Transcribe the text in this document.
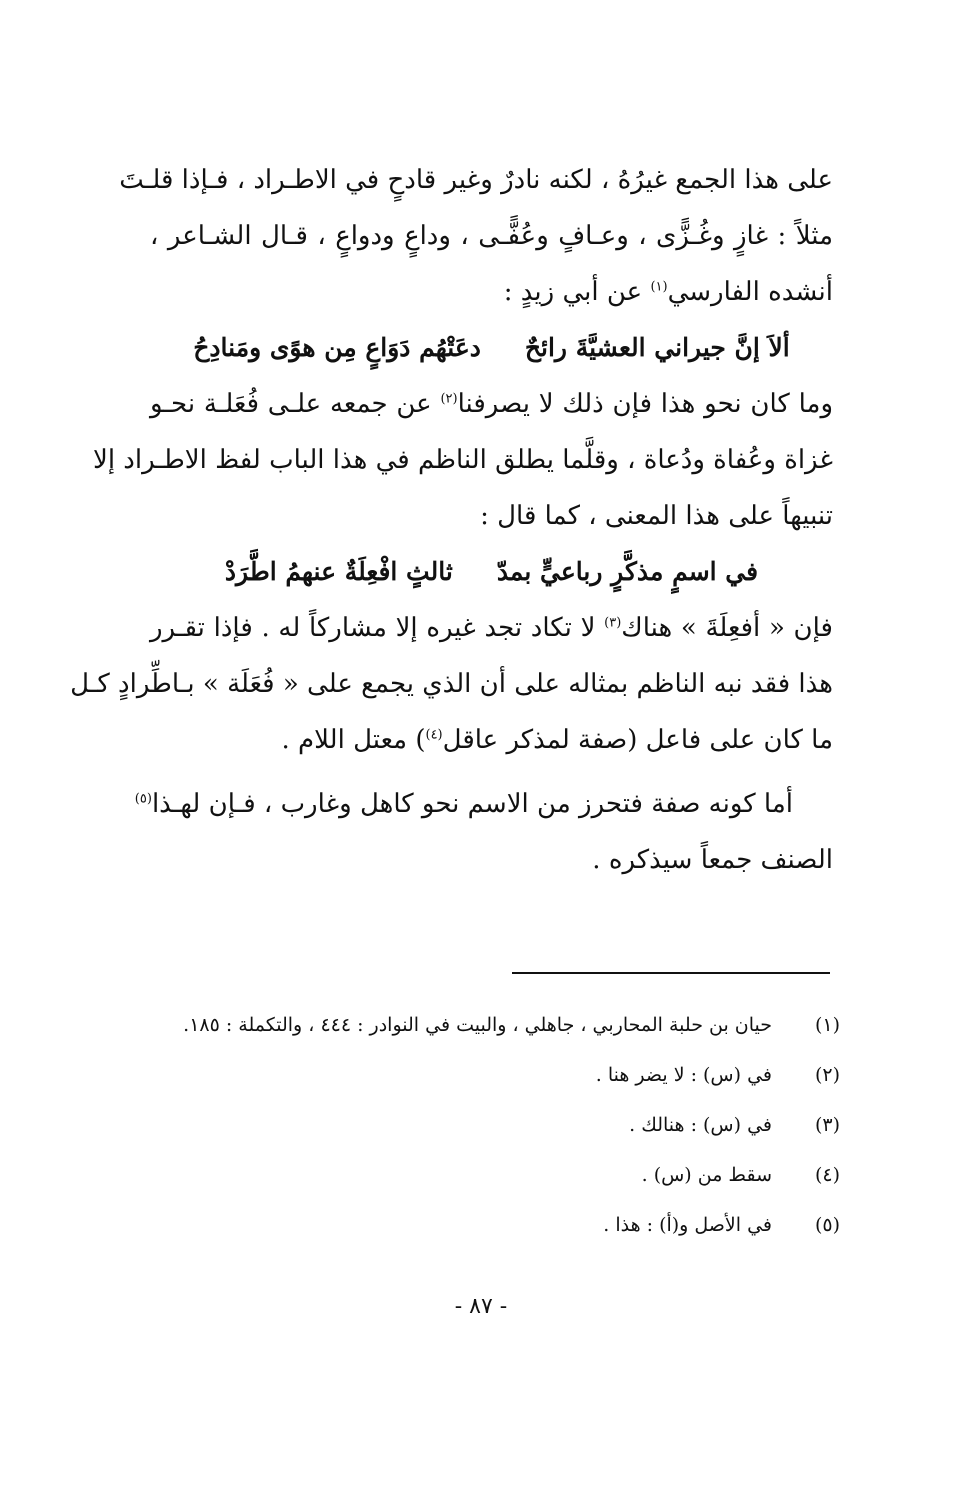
على هذا الجمع غيرُهُ ، لكنه نادرٌ وغير قادحٍ في الاطـراد ، فـإذا قلـتَ
مثلاً : غازٍ وغُـزًّى ، وعـافٍ وعُفًّـى ، وداعٍ ودواعٍ ، قـال الشـاعر ،
أنشده الفارسي$^{(١)}$ عن أبي زيدٍ :
ألاَ إنَّ جيراني العشيَّةَ رائحٌ
دعَتْهُم دَوَاعٍ مِن هوًى ومَنادِحُ
وما كان نحو هذا فإن ذلك لا يصرفنا$^{(٢)}$ عن جمعه علـى فُعَلـة نحـو
غزاة وعُفاة ودُعاة ، وقلَّما يطلق الناظم في هذا الباب لفظ الاطـراد إلا
تنبيهاً على هذا المعنى ، كما قال :
في اسمٍ مذكَّرٍ رباعيٍّ بمدّ
ثالثٍ افْعِلَةٌ عنهمُ اطَّرَدْ
فإن « أفعِلَةَ » هناك$^{(٣)}$ لا تكاد تجد غيره إلا مشاركاً له . فإذا تقـرر
هذا فقد نبه الناظم بمثاله على أن الذي يجمع على « فُعَلَة » بـاطِّرادٍ كـل
ما كان على فاعل (صفة لمذكر عاقل$^{(٤)}$) معتل اللام .
أما كونه صفة فتحرز من الاسم نحو كاهل وغارب ، فـإن لهـذا$^{(٥)}$
الصنف جمعاً سيذكره .
(١)
حيان بن حلبة المحاربي ، جاهلي ، والبيت في النوادر : ٤٤٤ ، والتكملة : ١٨٥.
(٢)
في (س) : لا يضر هنا .
(٣)
في (س) : هنالك .
(٤)
سقط من (س) .
(٥)
في الأصل و(أ) : هذا .
- ٨٧ -
